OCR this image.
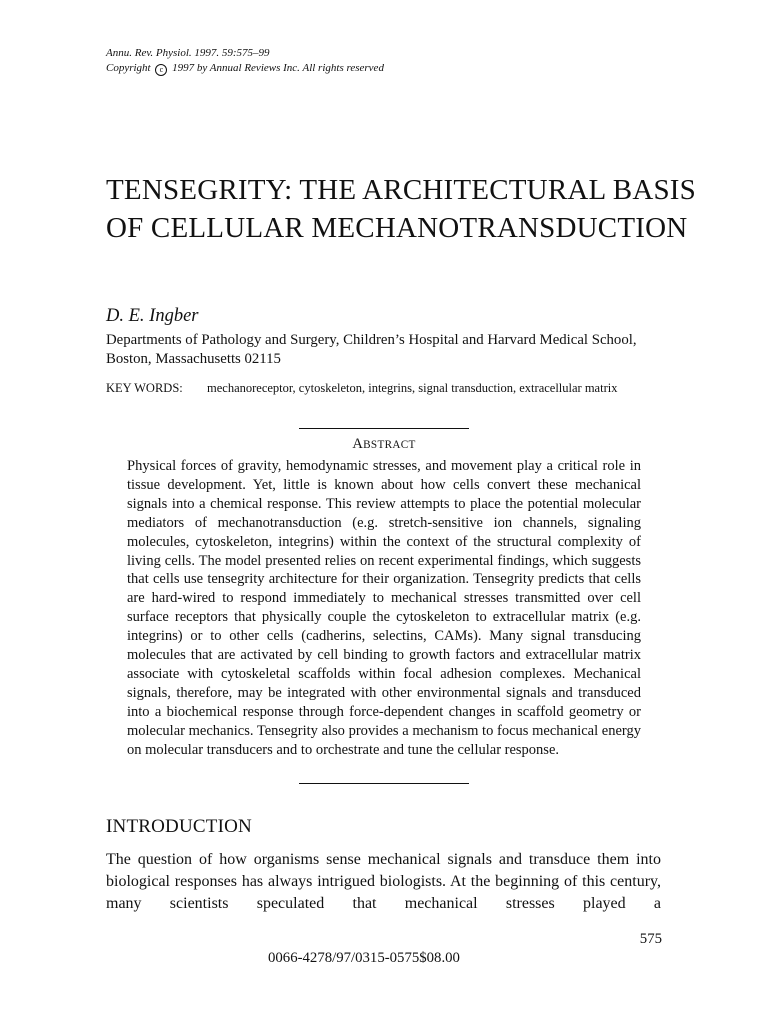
Annu. Rev. Physiol. 1997. 59:575–99
Copyright c 1997 by Annual Reviews Inc. All rights reserved
TENSEGRITY: THE ARCHITECTURAL BASIS OF CELLULAR MECHANOTRANSDUCTION
D. E. Ingber
Departments of Pathology and Surgery, Children’s Hospital and Harvard Medical School, Boston, Massachusetts 02115
KEY WORDS: mechanoreceptor, cytoskeleton, integrins, signal transduction, extracellular matrix
ABSTRACT
Physical forces of gravity, hemodynamic stresses, and movement play a critical role in tissue development. Yet, little is known about how cells convert these mechanical signals into a chemical response. This review attempts to place the potential molecular mediators of mechanotransduction (e.g. stretch-sensitive ion channels, signaling molecules, cytoskeleton, integrins) within the context of the structural complexity of living cells. The model presented relies on recent experimental findings, which suggests that cells use tensegrity architecture for their organization. Tensegrity predicts that cells are hard-wired to respond immediately to mechanical stresses transmitted over cell surface receptors that physically couple the cytoskeleton to extracellular matrix (e.g. integrins) or to other cells (cadherins, selectins, CAMs). Many signal transducing molecules that are activated by cell binding to growth factors and extracellular matrix associate with cytoskeletal scaffolds within focal adhesion complexes. Mechanical signals, therefore, may be integrated with other environmental signals and transduced into a biochemical response through force-dependent changes in scaffold geometry or molecular mechanics. Tensegrity also provides a mechanism to focus mechanical energy on molecular transducers and to orchestrate and tune the cellular response.
INTRODUCTION
The question of how organisms sense mechanical signals and transduce them into biological responses has always intrigued biologists. At the beginning of this century, many scientists speculated that mechanical stresses played a
575
0066-4278/97/0315-0575$08.00
